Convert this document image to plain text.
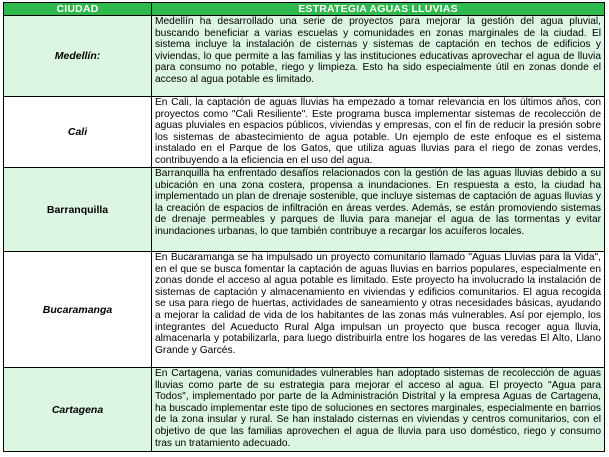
CIUDAD	ESTRATEGIA AGUAS LLUVIAS
Medellín:	Medellín ha desarrollado una serie de proyectos para mejorar la gestión del agua pluvial, buscando beneficiar a varias escuelas y comunidades en zonas marginales de la ciudad. El sistema incluye la instalación de cisternas y sistemas de captación en techos de edificios y viviendas, lo que permite a las familias y las instituciones educativas aprovechar el agua de lluvia para consumo no potable, riego y limpieza. Esto ha sido especialmente útil en zonas donde el acceso al agua potable es limitado.
Cali	En Cali, la captación de aguas lluvias ha empezado a tomar relevancia en los últimos años, con proyectos como "Cali Resiliente". Este programa busca implementar sistemas de recolección de aguas pluviales en espacios públicos, viviendas y empresas, con el fin de reducir la presión sobre los sistemas de abastecimiento de agua potable. Un ejemplo de este enfoque es el sistema instalado en el Parque de los Gatos, que utiliza aguas lluvias para el riego de zonas verdes, contribuyendo a la eficiencia en el uso del agua.
Barranquilla	Barranquilla ha enfrentado desafíos relacionados con la gestión de las aguas lluvias debido a su ubicación en una zona costera, propensa a inundaciones. En respuesta a esto, la ciudad ha implementado un plan de drenaje sostenible, que incluye sistemas de captación de aguas lluvias y la creación de espacios de infiltración en áreas verdes. Además, se están promoviendo sistemas de drenaje permeables y parques de lluvia para manejar el agua de las tormentas y evitar inundaciones urbanas, lo que también contribuye a recargar los acuíferos locales.
Bucaramanga	En Bucaramanga se ha impulsado un proyecto comunitario llamado "Aguas Lluvias para la Vida", en el que se busca fomentar la captación de aguas lluvias en barrios populares, especialmente en zonas donde el acceso al agua potable es limitado. Este proyecto ha involucrado la instalación de sistemas de captación y almacenamiento en viviendas y edificios comunitarios. El agua recogida se usa para riego de huertas, actividades de saneamiento y otras necesidades básicas, ayudando a mejorar la calidad de vida de los habitantes de las zonas más vulnerables. Así por ejemplo, los integrantes del Acueducto Rural Alga impulsan un proyecto que busca recoger agua lluvia, almacenarla y potabilizarla, para luego distribuirla entre los hogares de las veredas El Alto, Llano Grande y Garcés.
Cartagena	En Cartagena, varias comunidades vulnerables han adoptado sistemas de recolección de aguas lluvias como parte de su estrategia para mejorar el acceso al agua. El proyecto "Agua para Todos", implementado por parte de la Administración Distrital y la empresa Aguas de Cartagena, ha buscado implementar este tipo de soluciones en sectores marginales, especialmente en barrios de la zona insular y rural. Se han instalado cisternas en viviendas y centros comunitarios, con el objetivo de que las familias aprovechen el agua de lluvia para uso doméstico, riego y consumo tras un tratamiento adecuado.
